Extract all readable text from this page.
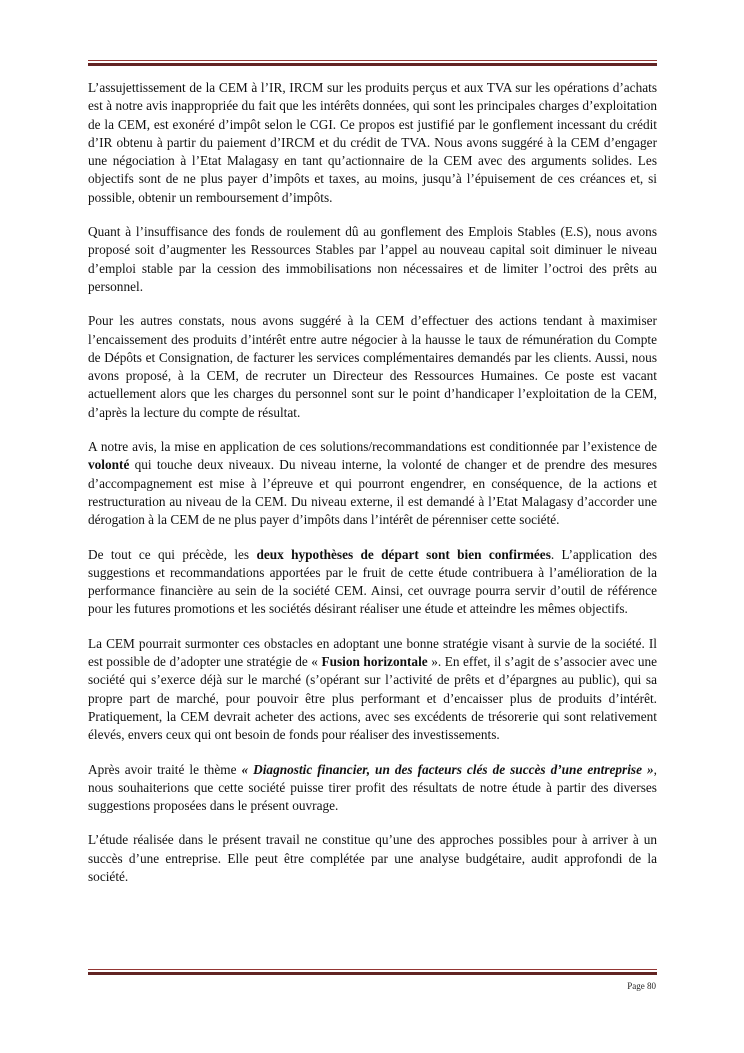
L’assujettissement de la CEM à l’IR, IRCM sur les produits perçus et aux TVA sur les opérations d’achats est à notre avis inappropriée du fait que les intérêts données, qui sont les principales charges d’exploitation de la CEM, est exonéré d’impôt selon le CGI. Ce propos est justifié par le gonflement incessant du crédit d’IR obtenu à partir du paiement d’IRCM et du crédit de TVA. Nous avons suggéré à la CEM d’engager une négociation à l’Etat Malagasy en tant qu’actionnaire de la CEM avec des arguments solides. Les objectifs sont de ne plus payer d’impôts et taxes, au moins, jusqu’à l’épuisement de ces créances et, si possible, obtenir un remboursement d’impôts.

Quant à l’insuffisance des fonds de roulement dû au gonflement des Emplois Stables (E.S), nous avons proposé soit d’augmenter les Ressources Stables par l’appel au nouveau capital soit diminuer le niveau d’emploi stable par la cession des immobilisations non nécessaires et de limiter l’octroi des prêts au personnel.

Pour les autres constats, nous avons suggéré à la CEM d’effectuer des actions tendant à maximiser l’encaissement des produits d’intérêt entre autre négocier à la hausse le taux de rémunération du Compte de Dépôts et Consignation, de facturer les services complémentaires demandés par les clients. Aussi, nous avons proposé, à la CEM, de recruter un Directeur des Ressources Humaines. Ce poste est vacant actuellement alors que les charges du personnel sont sur le point d’handicaper l’exploitation de la CEM, d’après la lecture du compte de résultat.

A notre avis, la mise en application de ces solutions/recommandations est conditionnée par l’existence de volonté qui touche deux niveaux. Du niveau interne, la volonté de changer et de prendre des mesures d’accompagnement est mise à l’épreuve et qui pourront engendrer, en conséquence, de la actions et restructuration au niveau de la CEM. Du niveau externe, il est demandé à l’Etat Malagasy d’accorder une dérogation à la CEM de ne plus payer d’impôts dans l’intérêt de pérenniser cette société.

De tout ce qui précède, les deux hypothèses de départ sont bien confirmées. L’application des suggestions et recommandations apportées par le fruit de cette étude contribuera à l’amélioration de la performance financière au sein de la société CEM. Ainsi, cet ouvrage pourra servir d’outil de référence pour les futures promotions et les sociétés désirant réaliser une étude et atteindre les mêmes objectifs.

La CEM pourrait surmonter ces obstacles en adoptant une bonne stratégie visant à survie de la société. Il est possible de d’adopter une stratégie de « Fusion horizontale ». En effet, il s’agit de s’associer avec une société qui s’exerce déjà sur le marché (s’opérant sur l’activité de prêts et d’épargnes au public), qui sa propre part de marché, pour pouvoir être plus performant et d’encaisser plus de produits d’intérêt. Pratiquement, la CEM devrait acheter des actions, avec ses excédents de trésorerie qui sont relativement élevés, envers ceux qui ont besoin de fonds pour réaliser des investissements.

Après avoir traité le thème « Diagnostic financier, un des facteurs clés de succès d’une entreprise », nous souhaiterions que cette société puisse tirer profit des résultats de notre étude à partir des diverses suggestions proposées dans le présent ouvrage.

L’étude réalisée dans le présent travail ne constitue qu’une des approches possibles pour à arriver à un succès d’une entreprise. Elle peut être complétée par une analyse budgétaire, audit approfondi de la société.

Page 80
